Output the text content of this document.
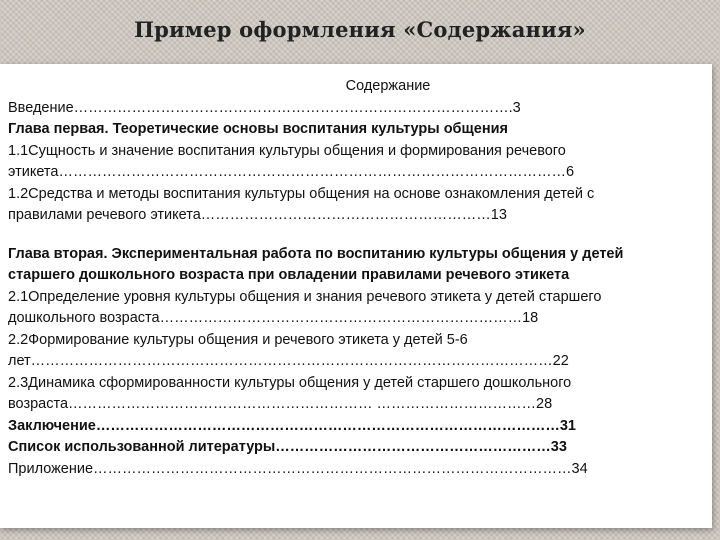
Пример оформления «Содержания»
Содержание
Введение……………………………………………………………………………….3
Глава первая. Теоретические основы воспитания культуры общения
1.1Сущность и значение воспитания культуры общения и формирования речевого
этикета……………………………………………………………………………………………6
1.2Средства и методы воспитания культуры общения на основе ознакомления детей с
правилами речевого этикета……………………………………………………13
Глава вторая. Экспериментальная работа по воспитанию культуры общения у детей
старшего дошкольного возраста при овладении правилами речевого этикета
2.1Определение уровня культуры общения и знания речевого этикета у детей старшего
дошкольного возраста…………………………………………………………………18
2.2Формирование культуры общения и речевого этикета у детей 5-6
лет………………………………………………………………………………………………22
2.3Динамика сформированности культуры общения у детей старшего дошкольного
возраста……………………………………………………… ……………………………28
Заключение……………………………………………………………………………………31
Список использованной литературы…………………………………………………33
Приложение………………………………………………………………………………………34
